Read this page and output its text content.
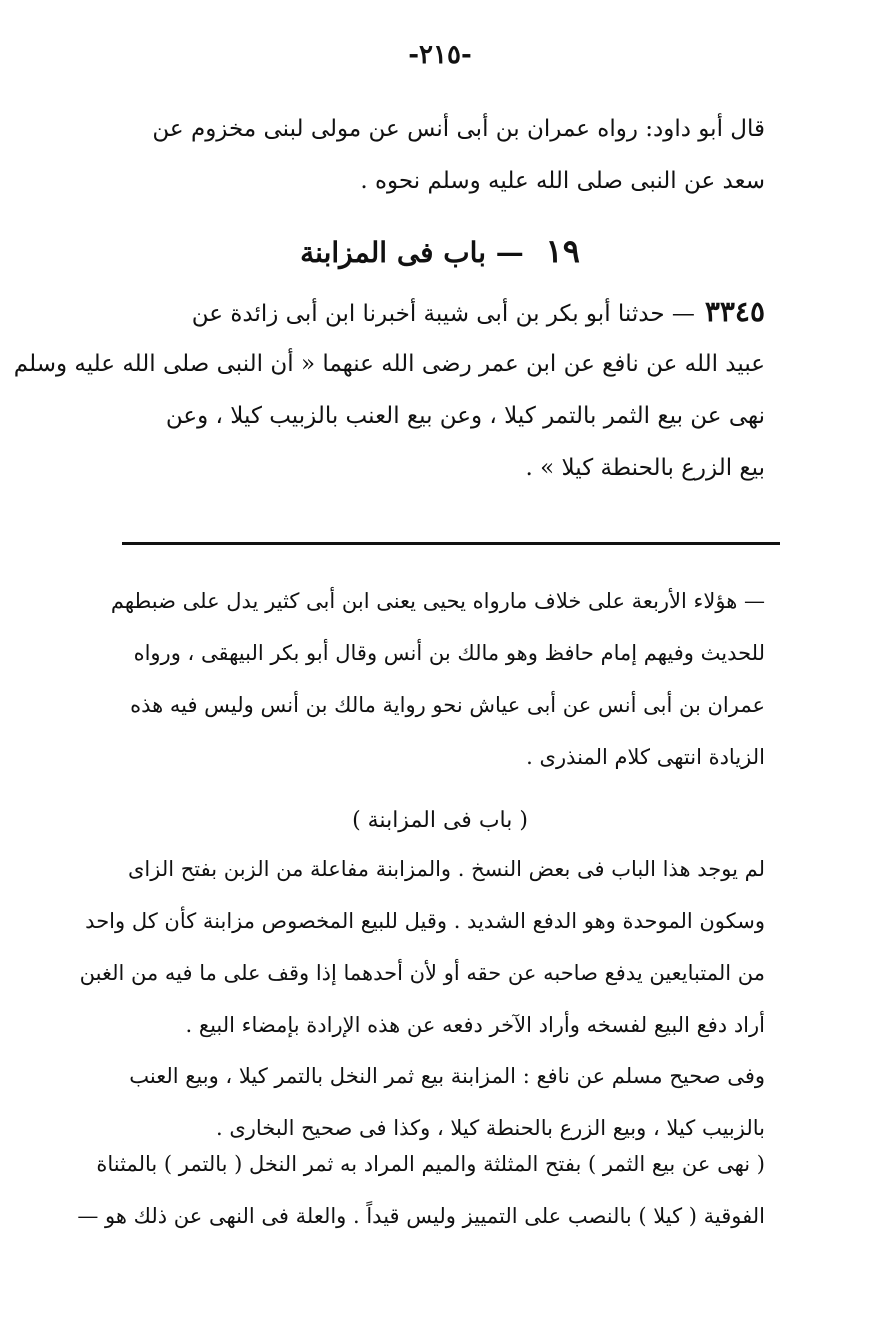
-٢١٥-
قال أبو داود: رواه عمران بن أبى أنس عن مولى لبنى مخزوم عن
سعد عن النبى صلى الله عليه وسلم نحوه .
١٩ — باب فى المزابنة
٣٣٤٥— حدثنا أبو بكر بن أبى شيبة أخبرنا ابن أبى زائدة عن
عبيد الله عن نافع عن ابن عمر رضى الله عنهما « أن النبى صلى الله عليه وسلم
نهى عن بيع الثمر بالتمر كيلا ، وعن بيع العنب بالزبيب كيلا ، وعن
بيع الزرع بالحنطة كيلا » .
— هؤلاء الأربعة على خلاف مارواه يحيى يعنى ابن أبى كثير يدل على ضبطهم
للحديث وفيهم إمام حافظ وهو مالك بن أنس وقال أبو بكر البيهقى ، ورواه
عمران بن أبى أنس عن أبى عياش نحو رواية مالك بن أنس وليس فيه هذه
الزيادة انتهى كلام المنذرى .
( باب فى المزابنة )
لم يوجد هذا الباب فى بعض النسخ . والمزابنة مفاعلة من الزبن بفتح الزاى
وسكون الموحدة وهو الدفع الشديد . وقيل للبيع المخصوص مزابنة كأن كل واحد
من المتبايعين يدفع صاحبه عن حقه أو لأن أحدهما إذا وقف على ما فيه من الغبن
أراد دفع البيع لفسخه وأراد الآخر دفعه عن هذه الإرادة بإمضاء البيع .
وفى صحيح مسلم عن نافع : المزابنة بيع ثمر النخل بالتمر كيلا ، وبيع العنب
بالزبيب كيلا ، وبيع الزرع بالحنطة كيلا ، وكذا فى صحيح البخارى .
( نهى عن بيع الثمر ) بفتح المثلثة والميم المراد به ثمر النخل ( بالتمر ) بالمثناة
الفوقية ( كيلا ) بالنصب على التمييز وليس قيداً . والعلة فى النهى عن ذلك هو —
